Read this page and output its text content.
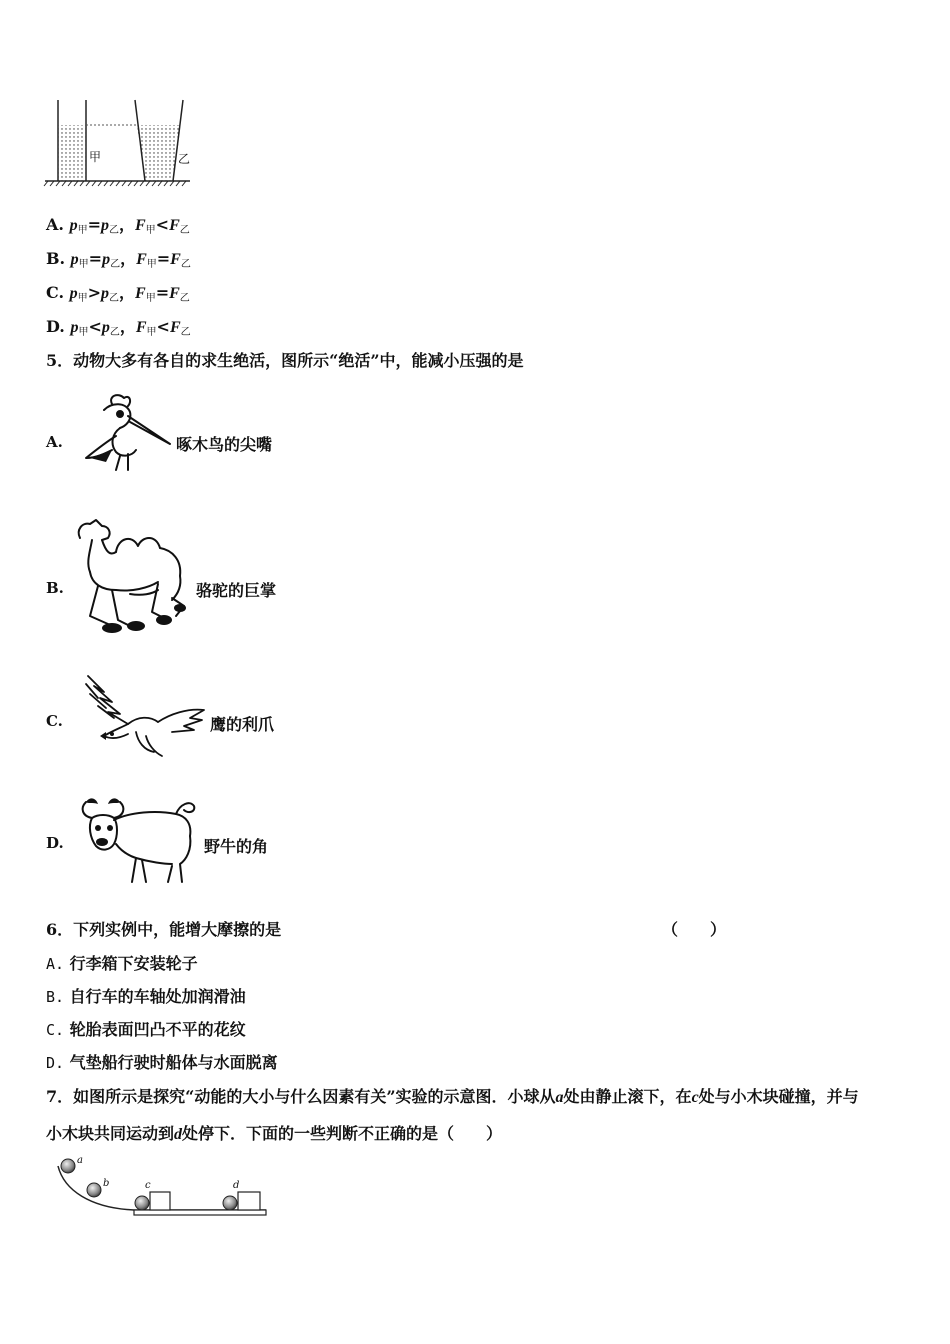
甲	乙
A. $p_甲=p_乙$，$F_甲<F_乙$
B. $p_甲=p_乙$，$F_甲=F_乙$
C. $p_甲>p_乙$，$F_甲=F_乙$
D. $p_甲<p_乙$，$F_甲<F_乙$
5．动物大多有各自的求生绝活，图所示“绝活”中，能减小压强的是
A.	啄木鸟的尖嘴
B.	骆驼的巨掌
C.	鹰的利爪
D.	野牛的角
6．下列实例中，能增大摩擦的是	（　　）
A. 行李箱下安装轮子
B. 自行车的车轴处加润滑油
C. 轮胎表面凹凸不平的花纹
D. 气垫船行驶时船体与水面脱离
7．如图所示是探究“动能的大小与什么因素有关”实验的示意图．小球从a处由静止滚下，在c处与小木块碰撞，并与
小木块共同运动到d处停下．下面的一些判断不正确的是（　　）
a
b	c	d
